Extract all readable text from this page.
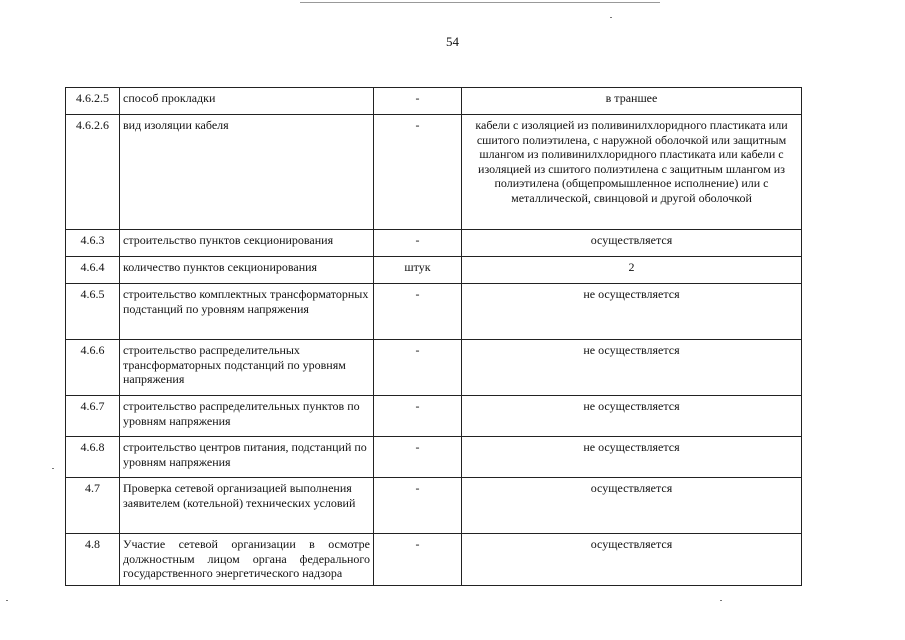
54
4.6.2.5	способ прокладки	-	в траншее
4.6.2.6	вид изоляции кабеля	-	кабели с изоляцией из поливинилхлоридного пластиката или сшитого полиэтилена, с наружной оболочкой или защитным шлангом из поливинилхлоридного пластиката или кабели с изоляцией из сшитого полиэтилена с защитным шлангом из полиэтилена (общепромышленное исполнение) или с металлической, свинцовой и другой оболочкой
4.6.3	строительство пунктов секционирования	-	осуществляется
4.6.4	количество пунктов секционирования	штук	2
4.6.5	строительство комплектных трансформаторных подстанций по уровням напряжения	-	не осуществляется
4.6.6	строительство распределительных трансформаторных подстанций по уровням напряжения	-	не осуществляется
4.6.7	строительство распределительных пунктов по уровням напряжения	-	не осуществляется
4.6.8	строительство центров питания, подстанций по уровням напряжения	-	не осуществляется
4.7	Проверка сетевой организацией выполнения заявителем (котельной) технических условий	-	осуществляется
4.8	Участие сетевой организации в осмотре должностным лицом органа федерального государственного энергетического надзора	-	осуществляется
